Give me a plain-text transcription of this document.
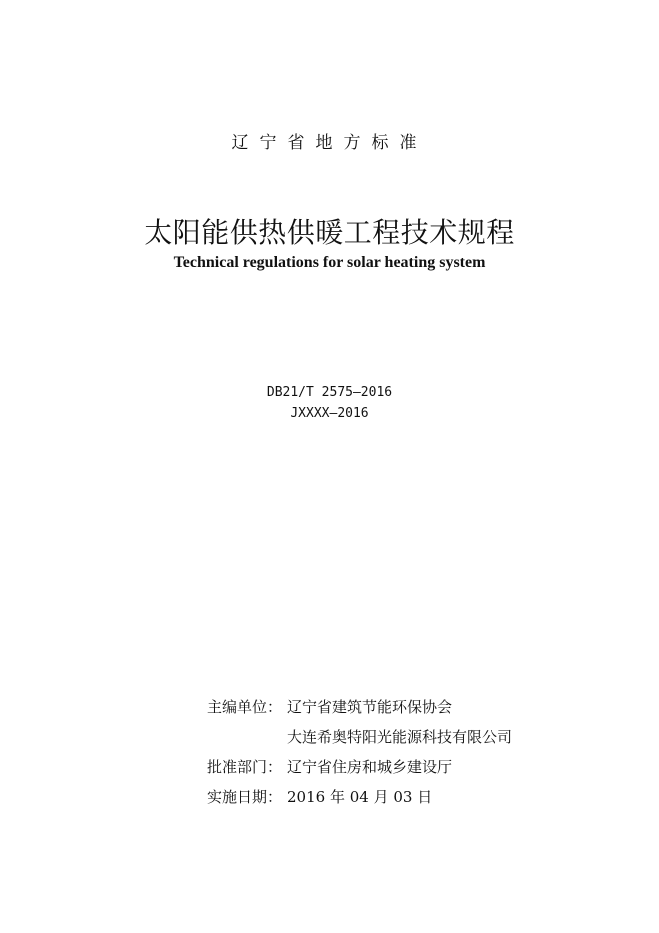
辽宁省地方标准
太阳能供热供暖工程技术规程
Technical regulations for solar heating system
DB21/T 2575—2016
JXXXX—2016
主编单位： 辽宁省建筑节能环保协会
大连希奥特阳光能源科技有限公司
批准部门： 辽宁省住房和城乡建设厅
实施日期： 2016 年 04 月 03 日
